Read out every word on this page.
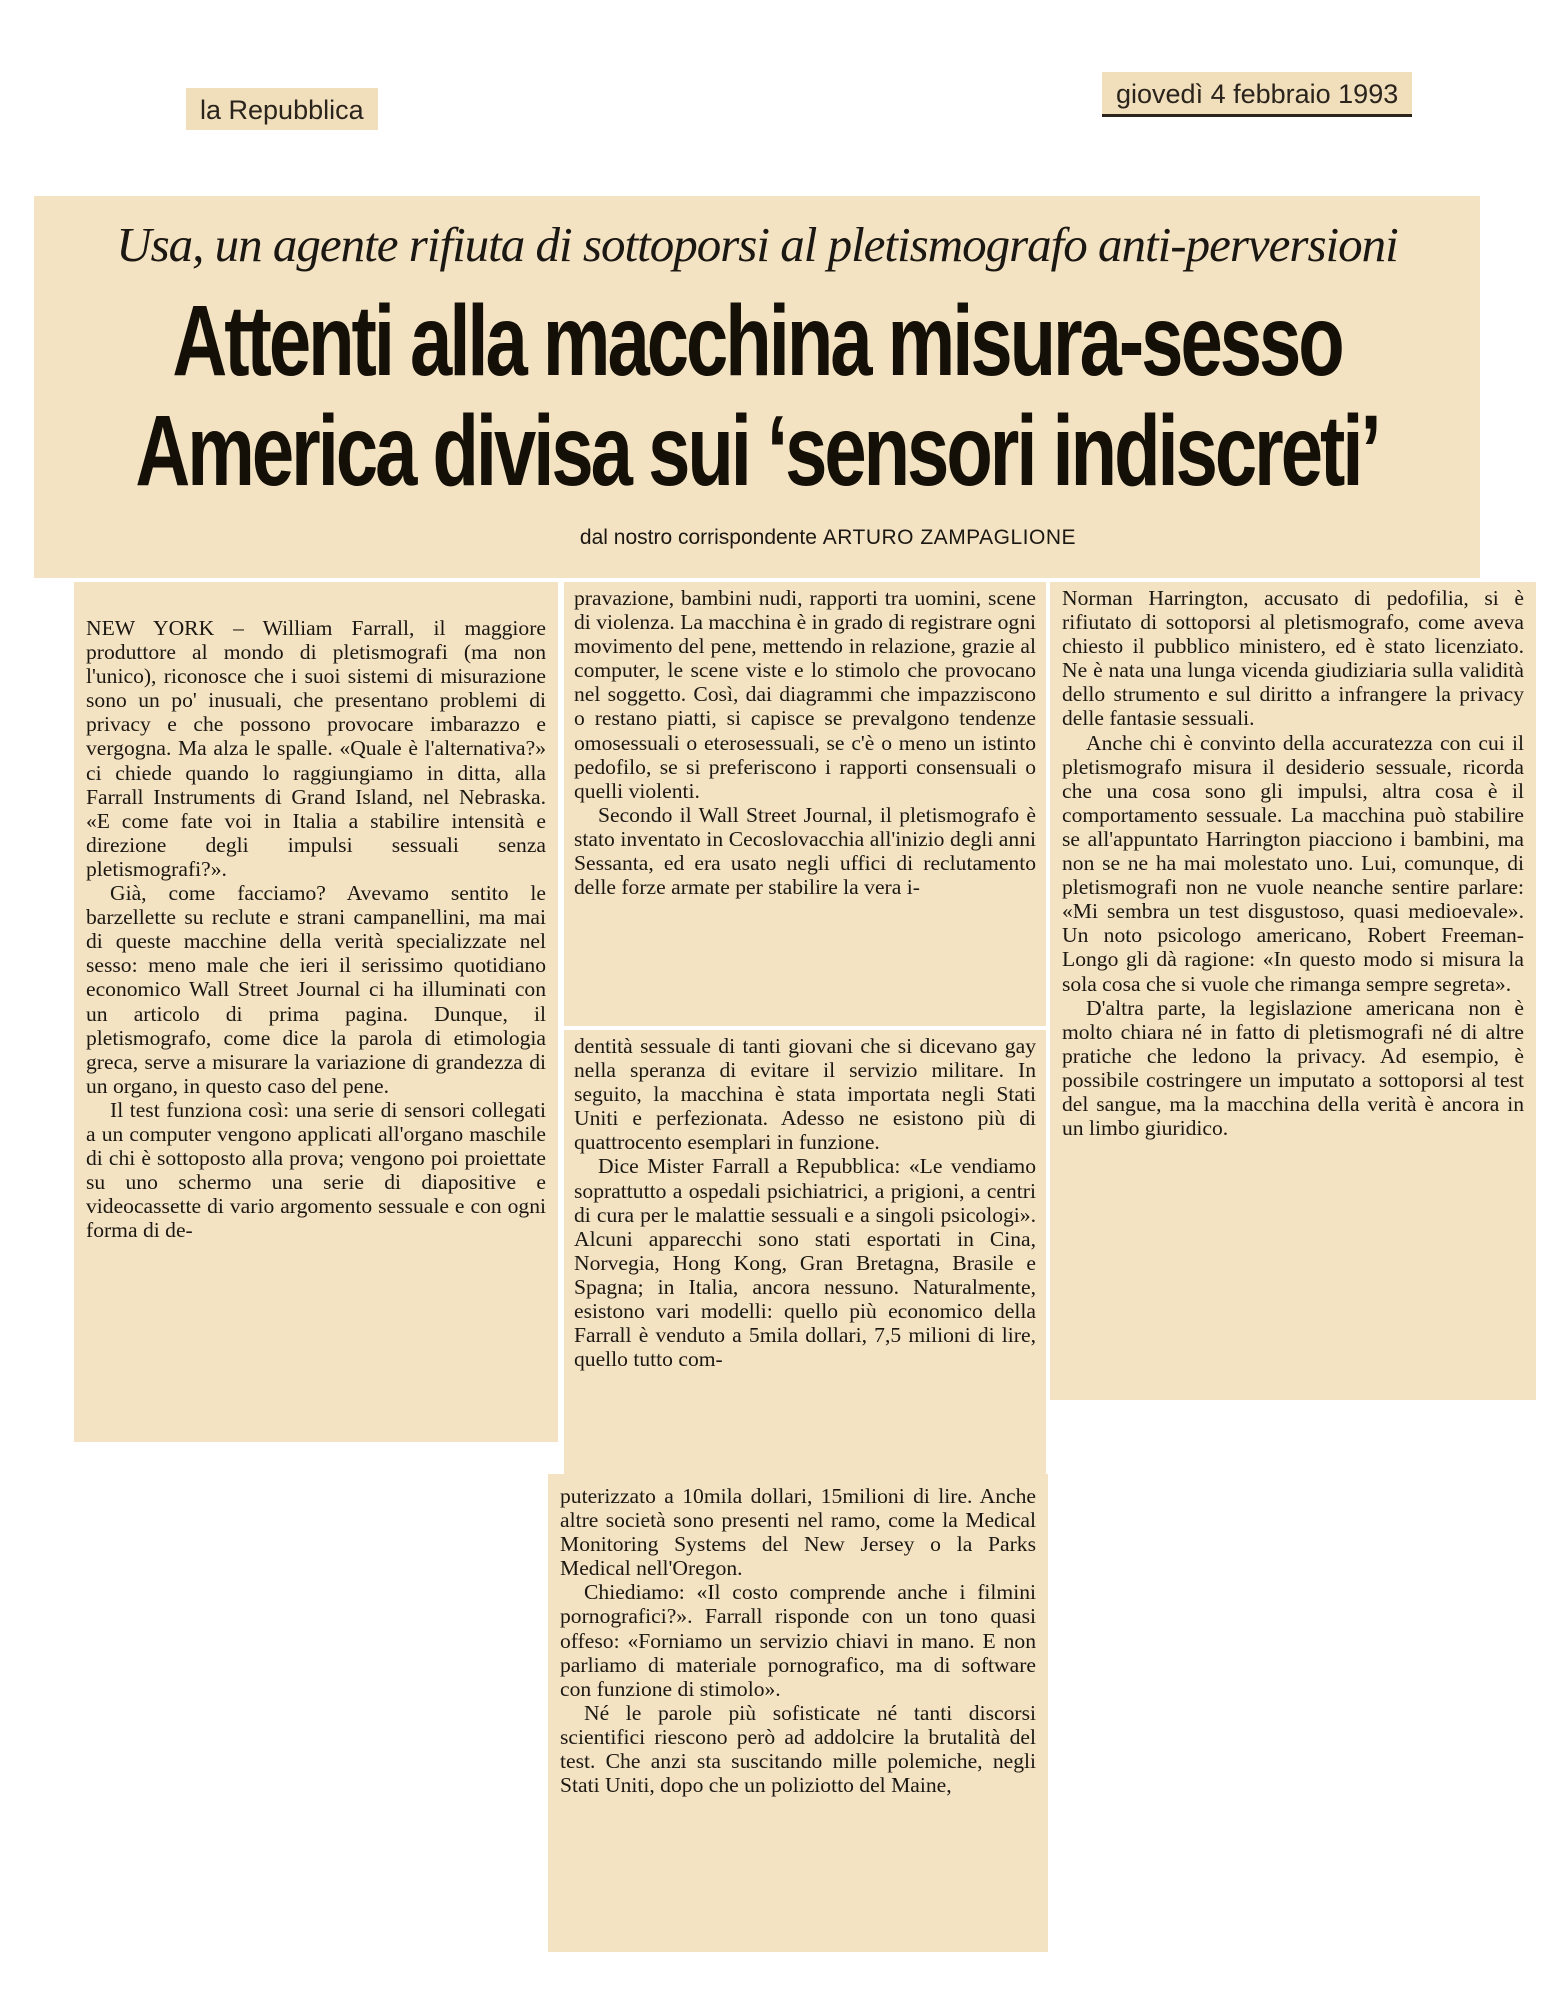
la Repubblica
giovedì 4 febbraio 1993
Usa, un agente rifiuta di sottoporsi al pletismografo anti-perversioni
Attenti alla macchina misura-sesso
America divisa sui ‘sensori indiscreti’
dal nostro corrispondente ARTURO ZAMPAGLIONE

NEW YORK – William Farrall, il maggiore produttore al mondo di pletismografi (ma non l'unico), riconosce che i suoi sistemi di misurazione sono un po' inusuali, che presentano problemi di privacy e che possono provocare imbarazzo e vergogna. Ma alza le spalle. «Quale è l'alternativa?» ci chiede quando lo raggiungiamo in ditta, alla Farrall Instruments di Grand Island, nel Nebraska. «E come fate voi in Italia a stabilire intensità e direzione degli impulsi sessuali senza pletismografi?».

Già, come facciamo? Avevamo sentito le barzellette su reclute e strani campanellini, ma mai di queste macchine della verità specializzate nel sesso: meno male che ieri il serissimo quotidiano economico Wall Street Journal ci ha illuminati con un articolo di prima pagina. Dunque, il pletismografo, come dice la parola di etimologia greca, serve a misurare la variazione di grandezza di un organo, in questo caso del pene.

Il test funziona così: una serie di sensori collegati a un computer vengono applicati all'organo maschile di chi è sottoposto alla prova; vengono poi proiettate su uno schermo una serie di diapositive e videocassette di vario argomento sessuale e con ogni forma di de-

pravazione, bambini nudi, rapporti tra uomini, scene di violenza. La macchina è in grado di registrare ogni movimento del pene, mettendo in relazione, grazie al computer, le scene viste e lo stimolo che provocano nel soggetto. Così, dai diagrammi che impazziscono o restano piatti, si capisce se prevalgono tendenze omosessuali o eterosessuali, se c'è o meno un istinto pedofilo, se si preferiscono i rapporti consensuali o quelli violenti.

Secondo il Wall Street Journal, il pletismografo è stato inventato in Cecoslovacchia all'inizio degli anni Sessanta, ed era usato negli uffici di reclutamento delle forze armate per stabilire la vera i-

dentità sessuale di tanti giovani che si dicevano gay nella speranza di evitare il servizio militare. In seguito, la macchina è stata importata negli Stati Uniti e perfezionata. Adesso ne esistono più di quattrocento esemplari in funzione.

Dice Mister Farrall a Repubblica: «Le vendiamo soprattutto a ospedali psichiatrici, a prigioni, a centri di cura per le malattie sessuali e a singoli psicologi». Alcuni apparecchi sono stati esportati in Cina, Norvegia, Hong Kong, Gran Bretagna, Brasile e Spagna; in Italia, ancora nessuno. Naturalmente, esistono vari modelli: quello più economico della Farrall è venduto a 5mila dollari, 7,5 milioni di lire, quello tutto com-

puterizzato a 10mila dollari, 15milioni di lire. Anche altre società sono presenti nel ramo, come la Medical Monitoring Systems del New Jersey o la Parks Medical nell'Oregon.

Chiediamo: «Il costo comprende anche i filmini pornografici?». Farrall risponde con un tono quasi offeso: «Forniamo un servizio chiavi in mano. E non parliamo di materiale pornografico, ma di software con funzione di stimolo».

Né le parole più sofisticate né tanti discorsi scientifici riescono però ad addolcire la brutalità del test. Che anzi sta suscitando mille polemiche, negli Stati Uniti, dopo che un poliziotto del Maine,

Norman Harrington, accusato di pedofilia, si è rifiutato di sottoporsi al pletismografo, come aveva chiesto il pubblico ministero, ed è stato licenziato. Ne è nata una lunga vicenda giudiziaria sulla validità dello strumento e sul diritto a infrangere la privacy delle fantasie sessuali.

Anche chi è convinto della accuratezza con cui il pletismografo misura il desiderio sessuale, ricorda che una cosa sono gli impulsi, altra cosa è il comportamento sessuale. La macchina può stabilire se all'appuntato Harrington piacciono i bambini, ma non se ne ha mai molestato uno. Lui, comunque, di pletismografi non ne vuole neanche sentire parlare: «Mi sembra un test disgustoso, quasi medioevale». Un noto psicologo americano, Robert Freeman-Longo gli dà ragione: «In questo modo si misura la sola cosa che si vuole che rimanga sempre segreta».

D'altra parte, la legislazione americana non è molto chiara né in fatto di pletismografi né di altre pratiche che ledono la privacy. Ad esempio, è possibile costringere un imputato a sottoporsi al test del sangue, ma la macchina della verità è ancora in un limbo giuridico.
